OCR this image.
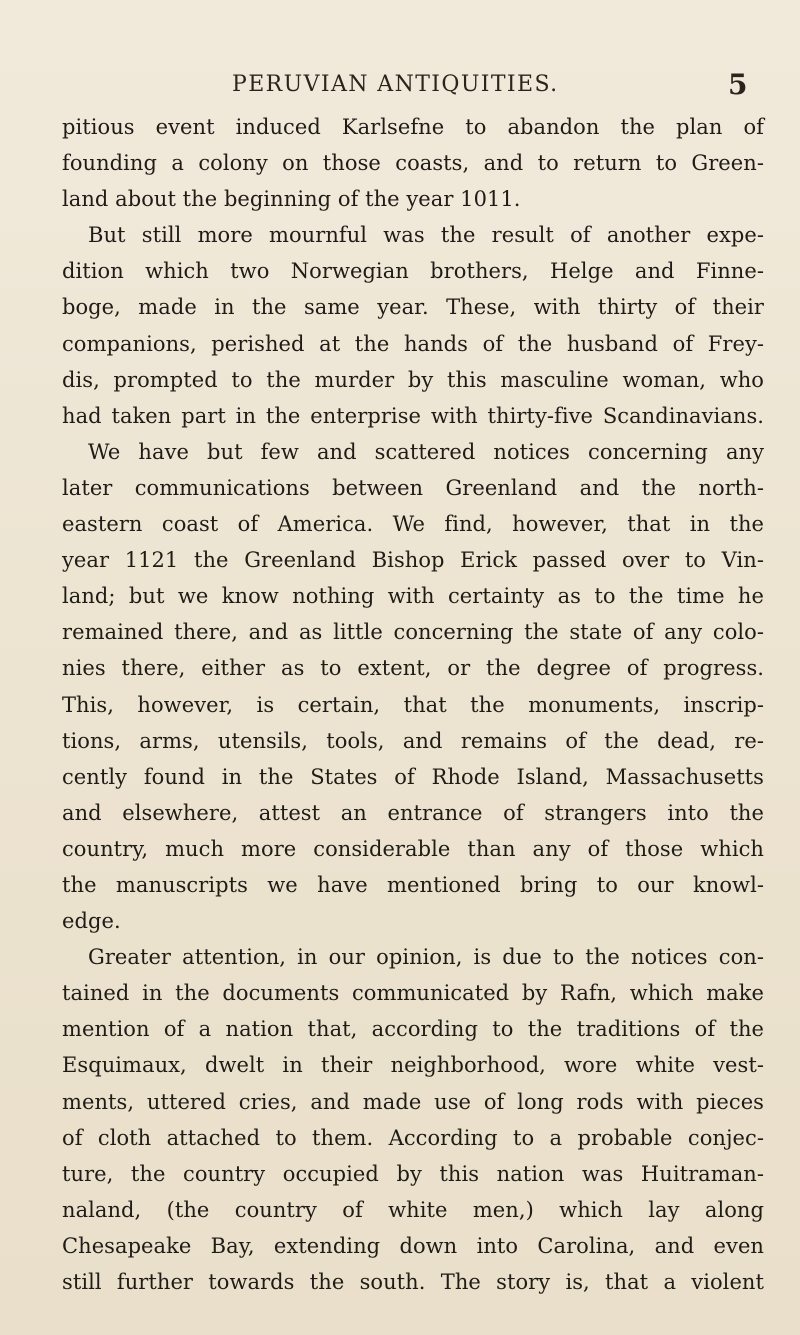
PERUVIAN ANTIQUITIES.	5
pitious event induced Karlsefne to abandon the plan of
founding a colony on those coasts, and to return to Green-
land about the beginning of the year 1011.
But still more mournful was the result of another expe-
dition which two Norwegian brothers, Helge and Finne-
boge, made in the same year. These, with thirty of their
companions, perished at the hands of the husband of Frey-
dis, prompted to the murder by this masculine woman, who
had taken part in the enterprise with thirty-five Scandinavians.
We have but few and scattered notices concerning any
later communications between Greenland and the north-
eastern coast of America. We find, however, that in the
year 1121 the Greenland Bishop Erick passed over to Vin-
land; but we know nothing with certainty as to the time he
remained there, and as little concerning the state of any colo-
nies there, either as to extent, or the degree of progress.
This, however, is certain, that the monuments, inscrip-
tions, arms, utensils, tools, and remains of the dead, re-
cently found in the States of Rhode Island, Massachusetts
and elsewhere, attest an entrance of strangers into the
country, much more considerable than any of those which
the manuscripts we have mentioned bring to our knowl-
edge.
Greater attention, in our opinion, is due to the notices con-
tained in the documents communicated by Rafn, which make
mention of a nation that, according to the traditions of the
Esquimaux, dwelt in their neighborhood, wore white vest-
ments, uttered cries, and made use of long rods with pieces
of cloth attached to them. According to a probable conjec-
ture, the country occupied by this nation was Huitraman-
naland, (the country of white men,) which lay along
Chesapeake Bay, extending down into Carolina, and even
still further towards the south. The story is, that a violent
